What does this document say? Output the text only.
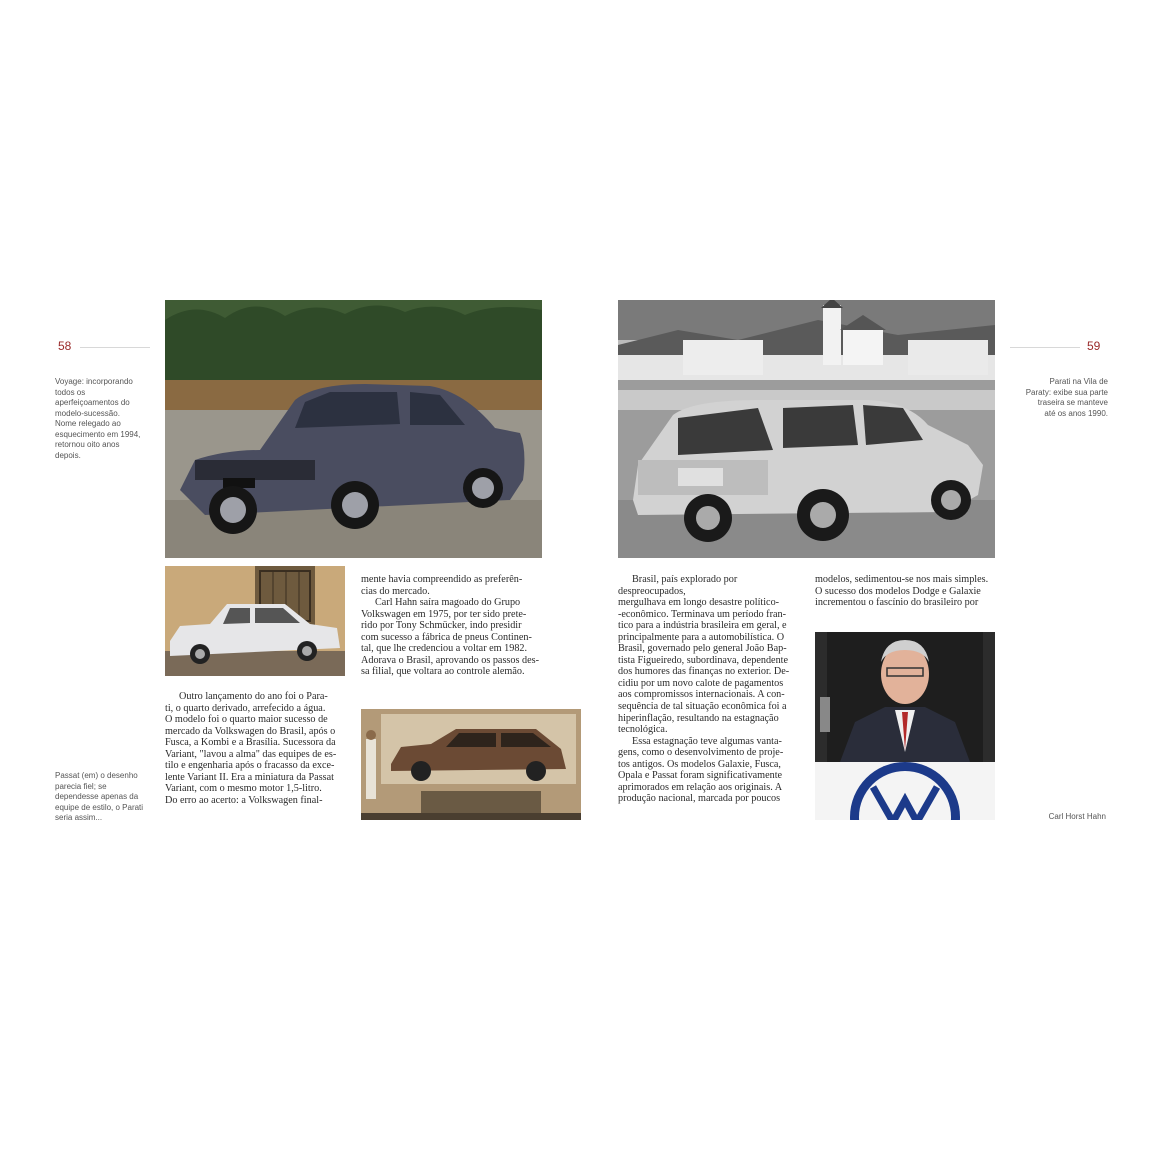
58
Voyage: incorporando
todos os
aperfeiçoamentos do
modelo-sucessão.
Nome relegado ao
esquecimento em 1994,
retornou oito anos
depois.
Passat (em) o desenho
parecia fiel; se
dependesse apenas da
equipe de estilo, o Parati
seria assim...

Outro lançamento do ano foi o Para-

ti, o quarto derivado, arrefecido a água.

O modelo foi o quarto maior sucesso de

mercado da Volkswagen do Brasil, após o

Fusca, a Kombi e a Brasília. Sucessora da

Variant, "lavou a alma" das equipes de es-

tilo e engenharia após o fracasso da exce-

lente Variant II. Era a miniatura da Passat

Variant, com o mesmo motor 1,5-litro.

Do erro ao acerto: a Volkswagen final-

mente havia compreendido as preferên-

cias do mercado.

Carl Hahn saíra magoado do Grupo

Volkswagen em 1975, por ter sido prete-

rido por Tony Schmücker, indo presidir

com sucesso a fábrica de pneus Continen-

tal, que lhe credenciou a voltar em 1982.

Adorava o Brasil, aprovando os passos des-

sa filial, que voltara ao controle alemão.

59
Parati na Vila de
Paraty: exibe sua parte
traseira se manteve
até os anos 1990.
Carl Horst Hahn

Brasil, país explorado por despreocupados,

mergulhava em longo desastre político-

-econômico. Terminava um período fran-

tico para a indústria brasileira em geral, e

principalmente para a automobilística. O

Brasil, governado pelo general João Bap-

tista Figueiredo, subordinava, dependente

dos humores das finanças no exterior. De-

cidiu por um novo calote de pagamentos

aos compromissos internacionais. A con-

sequência de tal situação econômica foi a

hiperinflação, resultando na estagnação

tecnológica.

Essa estagnação teve algumas vanta-

gens, como o desenvolvimento de proje-

tos antigos. Os modelos Galaxie, Fusca,

Opala e Passat foram significativamente

aprimorados em relação aos originais. A

produção nacional, marcada por poucos

modelos, sedimentou-se nos mais simples.

O sucesso dos modelos Dodge e Galaxie

incrementou o fascínio do brasileiro por
